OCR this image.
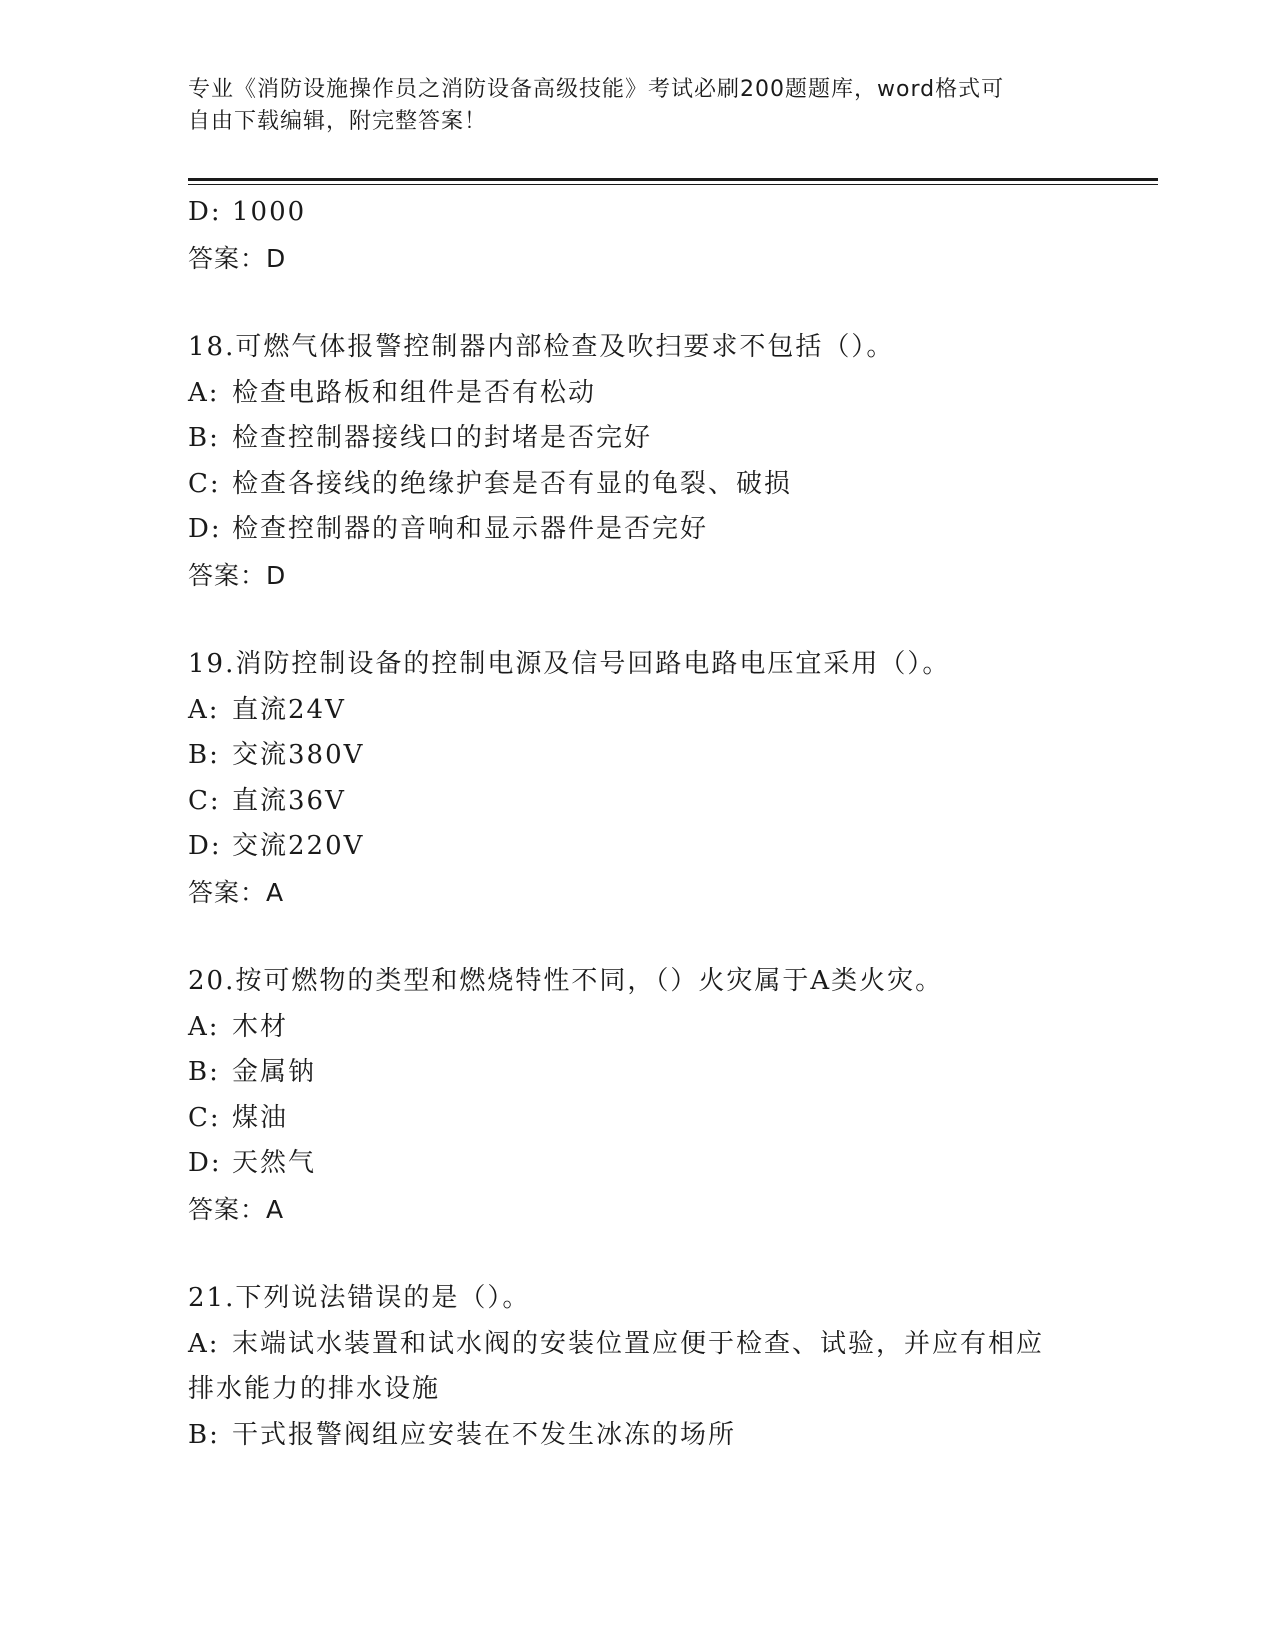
专业《消防设施操作员之消防设备高级技能》考试必刷200题题库，word格式可
自由下载编辑，附完整答案！
D: 1000
答案：D
18.可燃气体报警控制器内部检查及吹扫要求不包括（）。
A: 检查电路板和组件是否有松动
B: 检查控制器接线口的封堵是否完好
C: 检查各接线的绝缘护套是否有显的龟裂、破损
D: 检查控制器的音响和显示器件是否完好
答案：D
19.消防控制设备的控制电源及信号回路电路电压宜采用（）。
A: 直流24V
B: 交流380V
C: 直流36V
D: 交流220V
答案：A
20.按可燃物的类型和燃烧特性不同，（）火灾属于A类火灾。
A: 木材
B: 金属钠
C: 煤油
D: 天然气
答案：A
21.下列说法错误的是（）。
A: 末端试水装置和试水阀的安装位置应便于检查、试验，并应有相应
排水能力的排水设施
B: 干式报警阀组应安装在不发生冰冻的场所
